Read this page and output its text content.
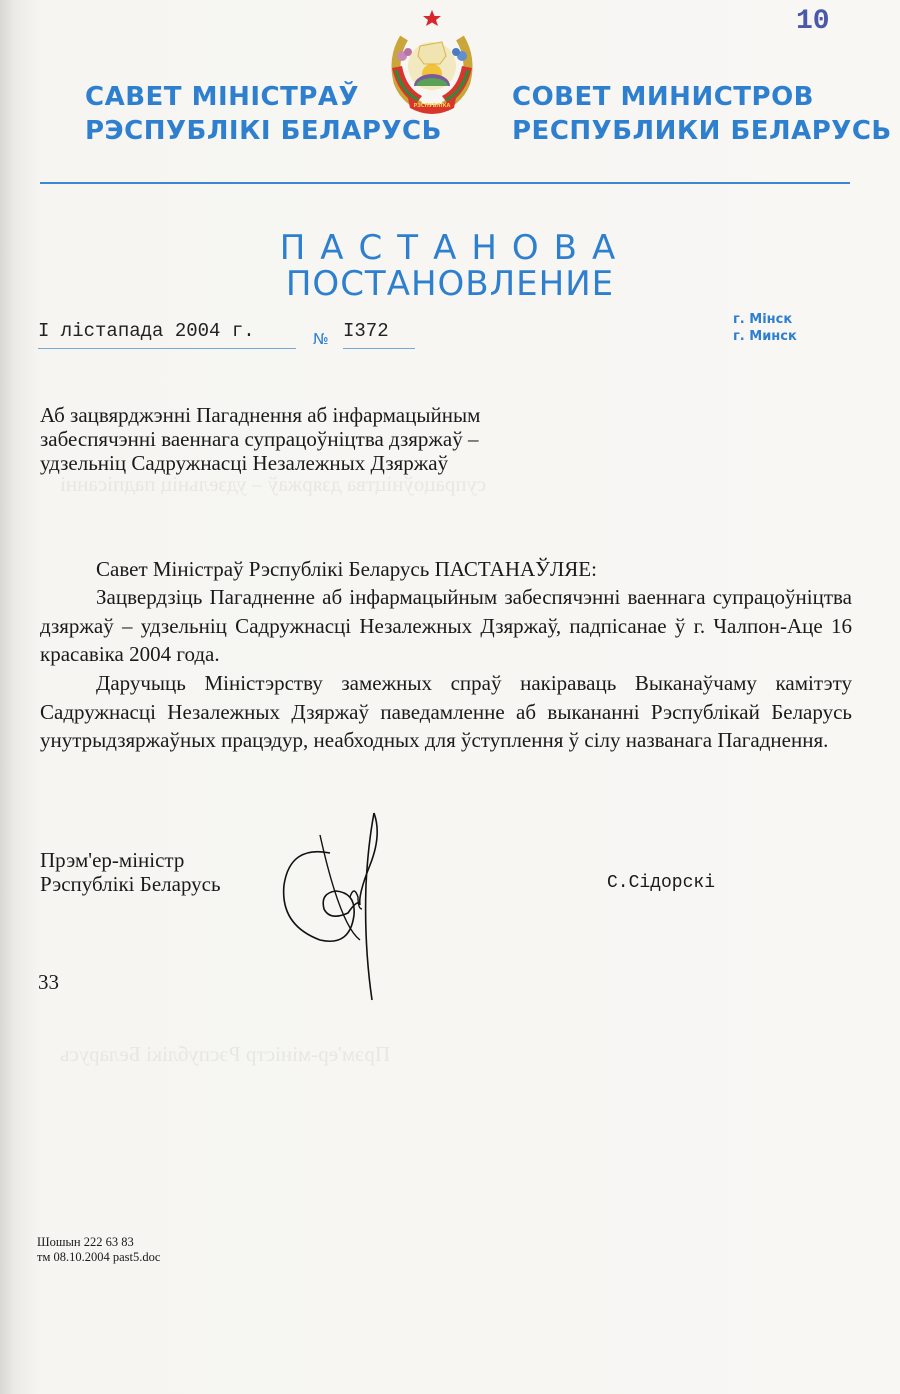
супрацоўніцтва дзяржаў – удзельніц падпісанні
Прэм'ер-міністр Рэспублікі Беларусь
САВЕТ МІНІСТРАЎ
РЭСПУБЛІКІ БЕЛАРУСЬ
РЭСПУБЛІКА СОВЕТ МИНИСТРОВ
РЕСПУБЛИКИ БЕЛАРУСЬ
10
ПАСТАНОВА
ПОСТАНОВЛЕНИЕ
I лістапада 2004 г.	№ I372
г. Мінск
г. Минск
Аб зацвярджэнні Пагаднення аб інфармацыйным
забеспячэнні ваеннага супрацоўніцтва дзяржаў –
удзельніц Садружнасці Незалежных Дзяржаў
Савет Міністраў Рэспублікі Беларусь ПАСТАНАЎЛЯЕ:
Зацвердзіць Пагадненне аб інфармацыйным забеспячэнні ваеннага супрацоўніцтва дзяржаў – удзельніц Садружнасці Незалежных Дзяржаў, падпісанае ў г. Чалпон-Аце 16 красавіка 2004 года.
Даручыць Міністэрству замежных спраў накіраваць Выканаўчаму камітэту Садружнасці Незалежных Дзяржаў паведамленне аб выкананні Рэспублікай Беларусь унутрыдзяржаўных працэдур, неабходных для ўступлення ў сілу названага Пагаднення.
Прэм'ер-міністр
Рэспублікі Беларусь	С.Сідорскі
33
Шошын 222 63 83
тм 08.10.2004 past5.doc
